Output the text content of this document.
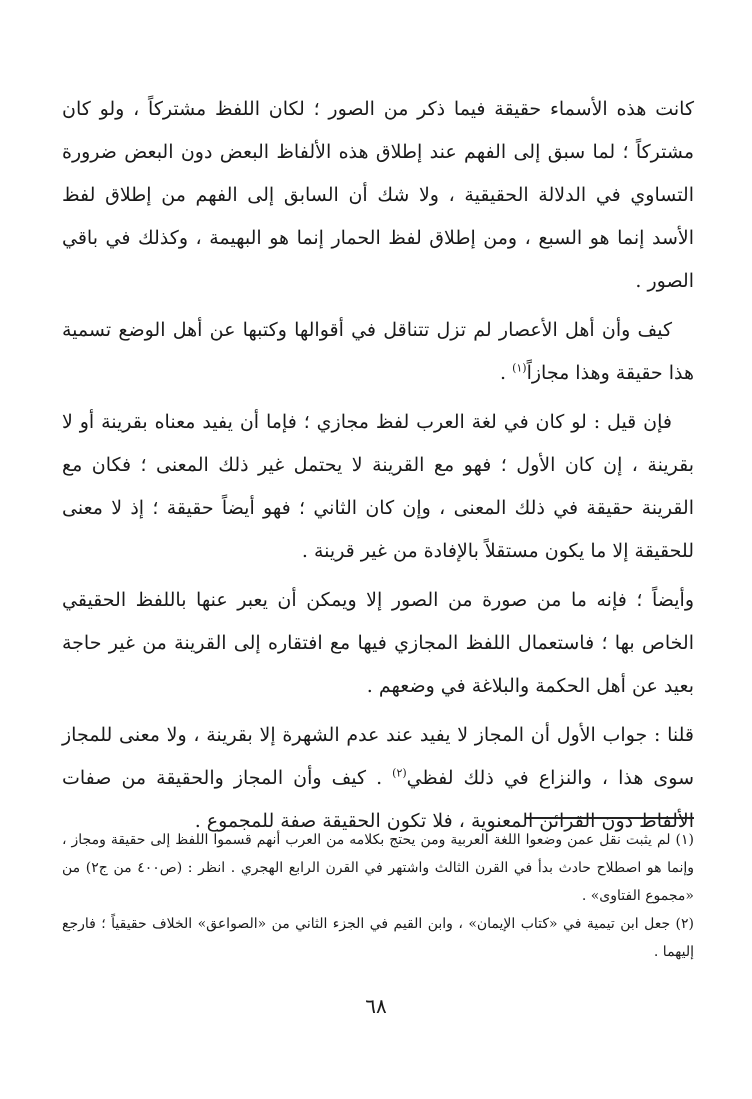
كانت هذه الأسماء حقيقة فيما ذكر من الصور ؛ لكان اللفظ مشتركاً ، ولو كان مشتركاً ؛ لما سبق إلى الفهم عند إطلاق هذه الألفاظ البعض دون البعض ضرورة التساوي في الدلالة الحقيقية ، ولا شك أن السابق إلى الفهم من إطلاق لفظ الأسد إنما هو السبع ، ومن إطلاق لفظ الحمار إنما هو البهيمة ، وكذلك في باقي الصور .

كيف وأن أهل الأعصار لم تزل تتناقل في أقوالها وكتبها عن أهل الوضع تسمية هذا حقيقة وهذا مجازاً$^{(١)}$ .

فإن قيل : لو كان في لغة العرب لفظ مجازي ؛ فإما أن يفيد معناه بقرينة أو لا بقرينة ، إن كان الأول ؛ فهو مع القرينة لا يحتمل غير ذلك المعنى ؛ فكان مع القرينة حقيقة في ذلك المعنى ، وإن كان الثاني ؛ فهو أيضاً حقيقة ؛ إذ لا معنى للحقيقة إلا ما يكون مستقلاً بالإفادة من غير قرينة .

وأيضاً ؛ فإنه ما من صورة من الصور إلا ويمكن أن يعبر عنها باللفظ الحقيقي الخاص بها ؛ فاستعمال اللفظ المجازي فيها مع افتقاره إلى القرينة من غير حاجة بعيد عن أهل الحكمة والبلاغة في وضعهم .

قلنا : جواب الأول أن المجاز لا يفيد عند عدم الشهرة إلا بقرينة ، ولا معنى للمجاز سوى هذا ، والنزاع في ذلك لفظي$^{(٢)}$ . كيف وأن المجاز والحقيقة من صفات الألفاظ دون القرائن المعنوية ، فلا تكون الحقيقة صفة للمجموع .

(١) لم يثبت نقل عمن وضعوا اللغة العربية ومن يحتج بكلامه من العرب أنهم قسموا اللفظ إلى حقيقة ومجاز ، وإنما هو اصطلاح حادث بدأ في القرن الثالث واشتهر في القرن الرابع الهجري . انظر : (ص٤٠٠ من ج٢) من «مجموع الفتاوى» .

(٢) جعل ابن تيمية في «كتاب الإيمان» ، وابن القيم في الجزء الثاني من «الصواعق» الخلاف حقيقياً ؛ فارجع إليهما .

٦٨
